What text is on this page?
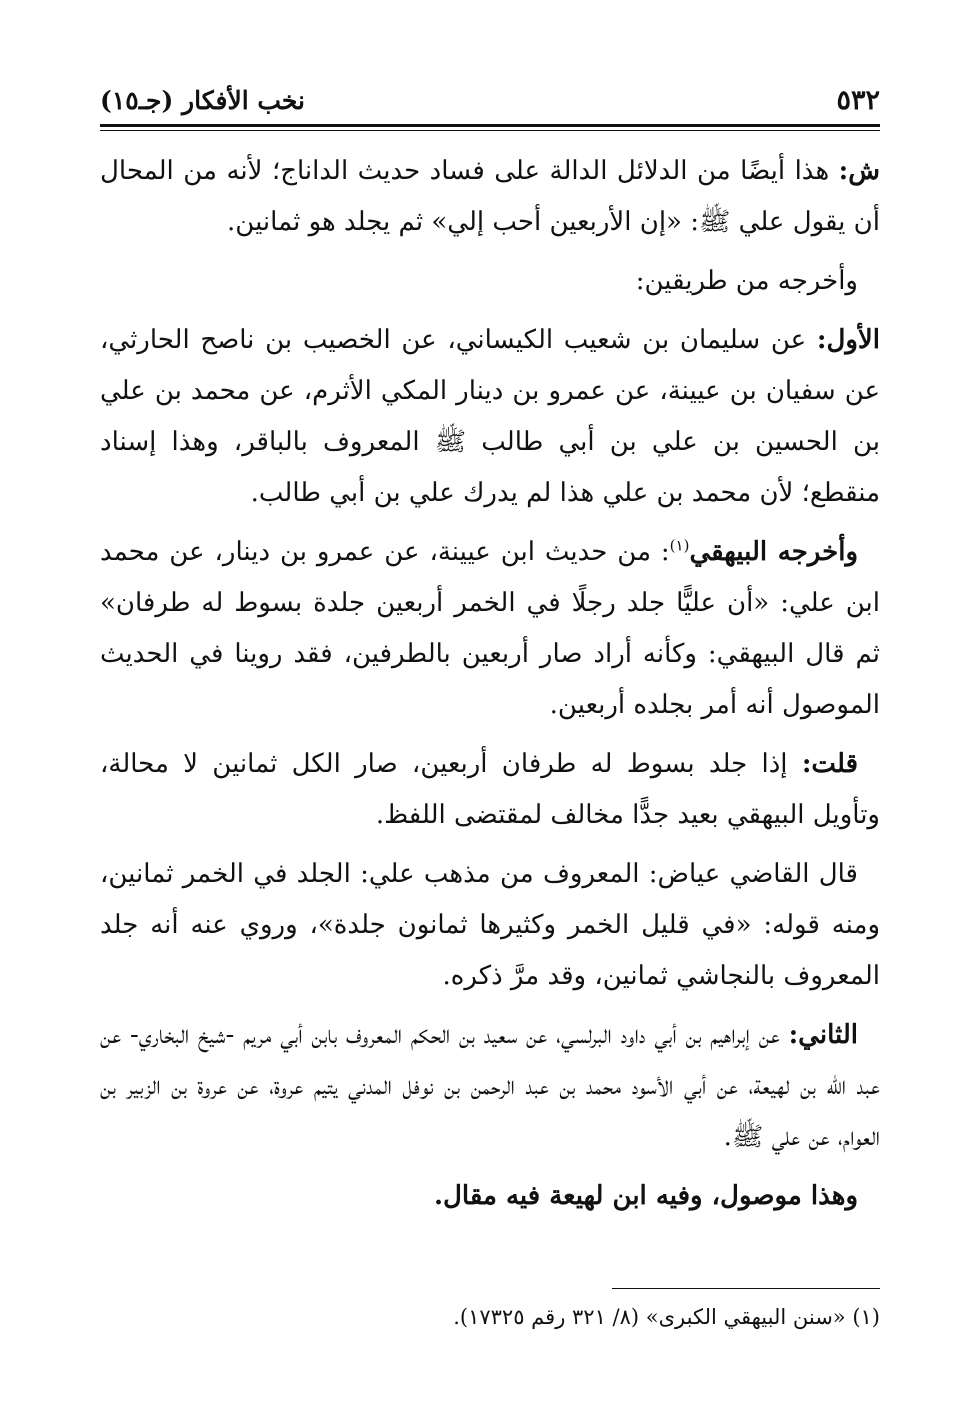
٥٣٢
نخب الأفكار (جـ١٥)

ش: هذا أيضًا من الدلائل الدالة على فساد حديث الداناج؛ لأنه من المحال أن يقول علي ﷺ: «إن الأربعين أحب إلي» ثم يجلد هو ثمانين.

وأخرجه من طريقين:

الأول: عن سليمان بن شعيب الكيساني، عن الخصيب بن ناصح الحارثي، عن سفيان بن عيينة، عن عمرو بن دينار المكي الأثرم، عن محمد بن علي بن الحسين بن علي بن أبي طالب ﷺ المعروف بالباقر، وهذا إسناد منقطع؛ لأن محمد بن علي هذا لم يدرك علي بن أبي طالب.

وأخرجه البيهقي$^{(١)}$: من حديث ابن عيينة، عن عمرو بن دينار، عن محمد ابن علي: «أن عليًّا جلد رجلًا في الخمر أربعين جلدة بسوط له طرفان» ثم قال البيهقي: وكأنه أراد صار أربعين بالطرفين، فقد روينا في الحديث الموصول أنه أمر بجلده أربعين.

قلت: إذا جلد بسوط له طرفان أربعين، صار الكل ثمانين لا محالة، وتأويل البيهقي بعيد جدًّا مخالف لمقتضى اللفظ.

قال القاضي عياض: المعروف من مذهب علي: الجلد في الخمر ثمانين، ومنه قوله: «في قليل الخمر وكثيرها ثمانون جلدة»، وروي عنه أنه جلد المعروف بالنجاشي ثمانين، وقد مرَّ ذكره.

الثاني: عن إبراهيم بن أبي داود البرلسي، عن سعيد بن الحكم المعروف بابن أبي مريم -شيخ البخاري- عن عبد الله بن لهيعة، عن أبي الأسود محمد بن عبد الرحمن بن نوفل المدني يتيم عروة، عن عروة بن الزبير بن العوام، عن علي ﷺ.

وهذا موصول، وفيه ابن لهيعة فيه مقال.

(١) «سنن البيهقي الكبرى» (٨/ ٣٢١ رقم ١٧٣٢٥).
